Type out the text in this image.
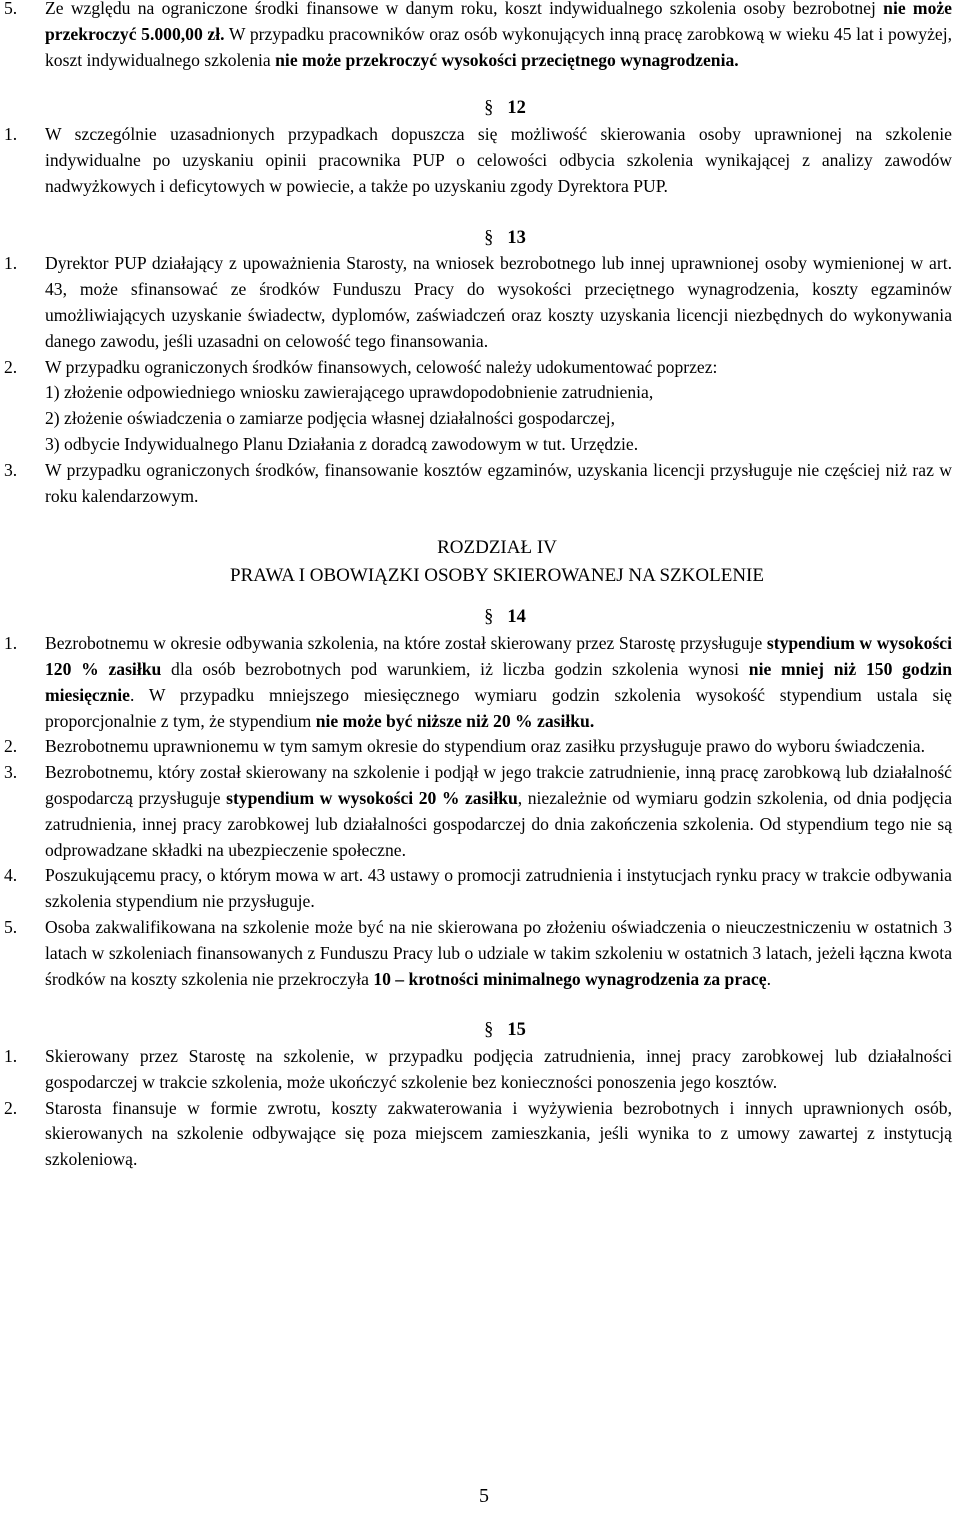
5. Ze względu na ograniczone środki finansowe w danym roku, koszt indywidualnego szkolenia osoby bezrobotnej nie może przekroczyć 5.000,00 zł. W przypadku pracowników oraz osób wykonujących inną pracę zarobkową w wieku 45 lat i powyżej, koszt indywidualnego szkolenia nie może przekroczyć wysokości przeciętnego wynagrodzenia.
§ 12
1. W szczególnie uzasadnionych przypadkach dopuszcza się możliwość skierowania osoby uprawnionej na szkolenie indywidualne po uzyskaniu opinii pracownika PUP o celowości odbycia szkolenia wynikającej z analizy zawodów nadwyżkowych i deficytowych w powiecie, a także po uzyskaniu zgody Dyrektora PUP.
§ 13
1. Dyrektor PUP działający z upoważnienia Starosty, na wniosek bezrobotnego lub innej uprawnionej osoby wymienionej w art. 43, może sfinansować ze środków Funduszu Pracy do wysokości przeciętnego wynagrodzenia, koszty egzaminów umożliwiających uzyskanie świadectw, dyplomów, zaświadczeń oraz koszty uzyskania licencji niezbędnych do wykonywania danego zawodu, jeśli uzasadni on celowość tego finansowania.
2. W przypadku ograniczonych środków finansowych, celowość należy udokumentować poprzez:
1) złożenie odpowiedniego wniosku zawierającego uprawdopodobnienie zatrudnienia,
2) złożenie oświadczenia o zamiarze podjęcia własnej działalności gospodarczej,
3) odbycie Indywidualnego Planu Działania z doradcą zawodowym w tut. Urzędzie.
3. W przypadku ograniczonych środków, finansowanie kosztów egzaminów, uzyskania licencji przysługuje nie częściej niż raz w roku kalendarzowym.
ROZDZIAŁ IV
PRAWA I OBOWIĄZKI OSOBY SKIEROWANEJ NA SZKOLENIE
§ 14
1. Bezrobotnemu w okresie odbywania szkolenia, na które został skierowany przez Starostę przysługuje stypendium w wysokości 120 % zasiłku dla osób bezrobotnych pod warunkiem, iż liczba godzin szkolenia wynosi nie mniej niż 150 godzin miesięcznie. W przypadku mniejszego miesięcznego wymiaru godzin szkolenia wysokość stypendium ustala się proporcjonalnie z tym, że stypendium nie może być niższe niż 20 % zasiłku.
2. Bezrobotnemu uprawnionemu w tym samym okresie do stypendium oraz zasiłku przysługuje prawo do wyboru świadczenia.
3. Bezrobotnemu, który został skierowany na szkolenie i podjął w jego trakcie zatrudnienie, inną pracę zarobkową lub działalność gospodarczą przysługuje stypendium w wysokości 20 % zasiłku, niezależnie od wymiaru godzin szkolenia, od dnia podjęcia zatrudnienia, innej pracy zarobkowej lub działalności gospodarczej do dnia zakończenia szkolenia. Od stypendium tego nie są odprowadzane składki na ubezpieczenie społeczne.
4. Poszukującemu pracy, o którym mowa w art. 43 ustawy o promocji zatrudnienia i instytucjach rynku pracy w trakcie odbywania szkolenia stypendium nie przysługuje.
5. Osoba zakwalifikowana na szkolenie może być na nie skierowana po złożeniu oświadczenia o nieuczestniczeniu w ostatnich 3 latach w szkoleniach finansowanych z Funduszu Pracy lub o udziale w takim szkoleniu w ostatnich 3 latach, jeżeli łączna kwota środków na koszty szkolenia nie przekroczyła 10 – krotności minimalnego wynagrodzenia za pracę.
§ 15
1. Skierowany przez Starostę na szkolenie, w przypadku podjęcia zatrudnienia, innej pracy zarobkowej lub działalności gospodarczej w trakcie szkolenia, może ukończyć szkolenie bez konieczności ponoszenia jego kosztów.
2. Starosta finansuje w formie zwrotu, koszty zakwaterowania i wyżywienia bezrobotnych i innych uprawnionych osób, skierowanych na szkolenie odbywające się poza miejscem zamieszkania, jeśli wynika to z umowy zawartej z instytucją szkoleniową.
5
